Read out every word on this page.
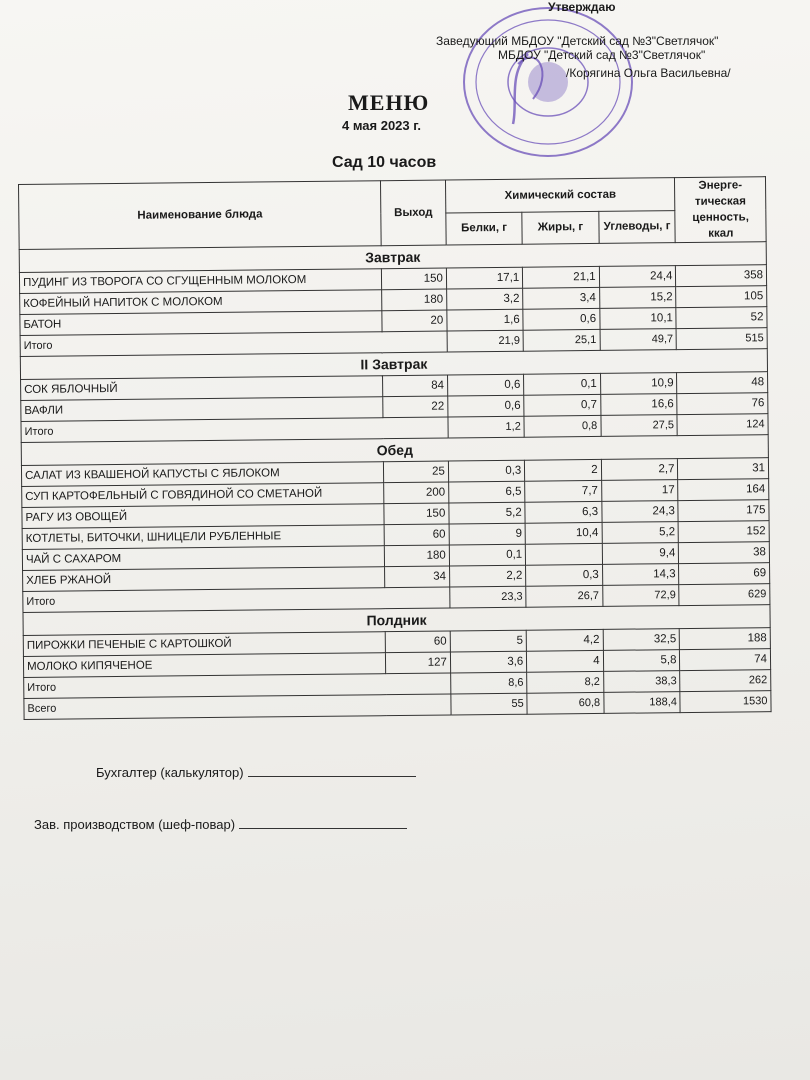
Утверждаю
Заведующий МБДОУ "Детский сад №3"Светлячок"
МБДОУ "Детский сад №3"Светлячок"
/Корягина Ольга Васильевна/
МЕНЮ
4 мая 2023 г.
Сад 10 часов
Наименование блюда	Выход	Химический состав			Энерге-тическая ценность, ккал
		Белки, г	Жиры, г	Углеводы, г	
Завтрак					
ПУДИНГ ИЗ ТВОРОГА СО СГУЩЕННЫМ МОЛОКОМ	150	17,1	21,1	24,4	358
КОФЕЙНЫЙ НАПИТОК С МОЛОКОМ	180	3,2	3,4	15,2	105
БАТОН	20	1,6	0,6	10,1	52
Итого		21,9	25,1	49,7	515
II Завтрак					
СОК ЯБЛОЧНЫЙ	84	0,6	0,1	10,9	48
ВАФЛИ	22	0,6	0,7	16,6	76
Итого		1,2	0,8	27,5	124
Обед					
САЛАТ ИЗ КВАШЕНОЙ КАПУСТЫ С ЯБЛОКОМ	25	0,3	2	2,7	31
СУП КАРТОФЕЛЬНЫЙ С ГОВЯДИНОЙ СО СМЕТАНОЙ	200	6,5	7,7	17	164
РАГУ ИЗ ОВОЩЕЙ	150	5,2	6,3	24,3	175
КОТЛЕТЫ, БИТОЧКИ, ШНИЦЕЛИ РУБЛЕННЫЕ	60	9	10,4	5,2	152
ЧАЙ С САХАРОМ	180	0,1		9,4	38
ХЛЕБ РЖАНОЙ	34	2,2	0,3	14,3	69
Итого		23,3	26,7	72,9	629
Полдник					
ПИРОЖКИ ПЕЧЕНЫЕ С КАРТОШКОЙ	60	5	4,2	32,5	188
МОЛОКО КИПЯЧЕНОЕ	127	3,6	4	5,8	74
Итого		8,6	8,2	38,3	262
Всего		55	60,8	188,4	1530
Бухгалтер (калькулятор)
Зав. производством (шеф-повар)
